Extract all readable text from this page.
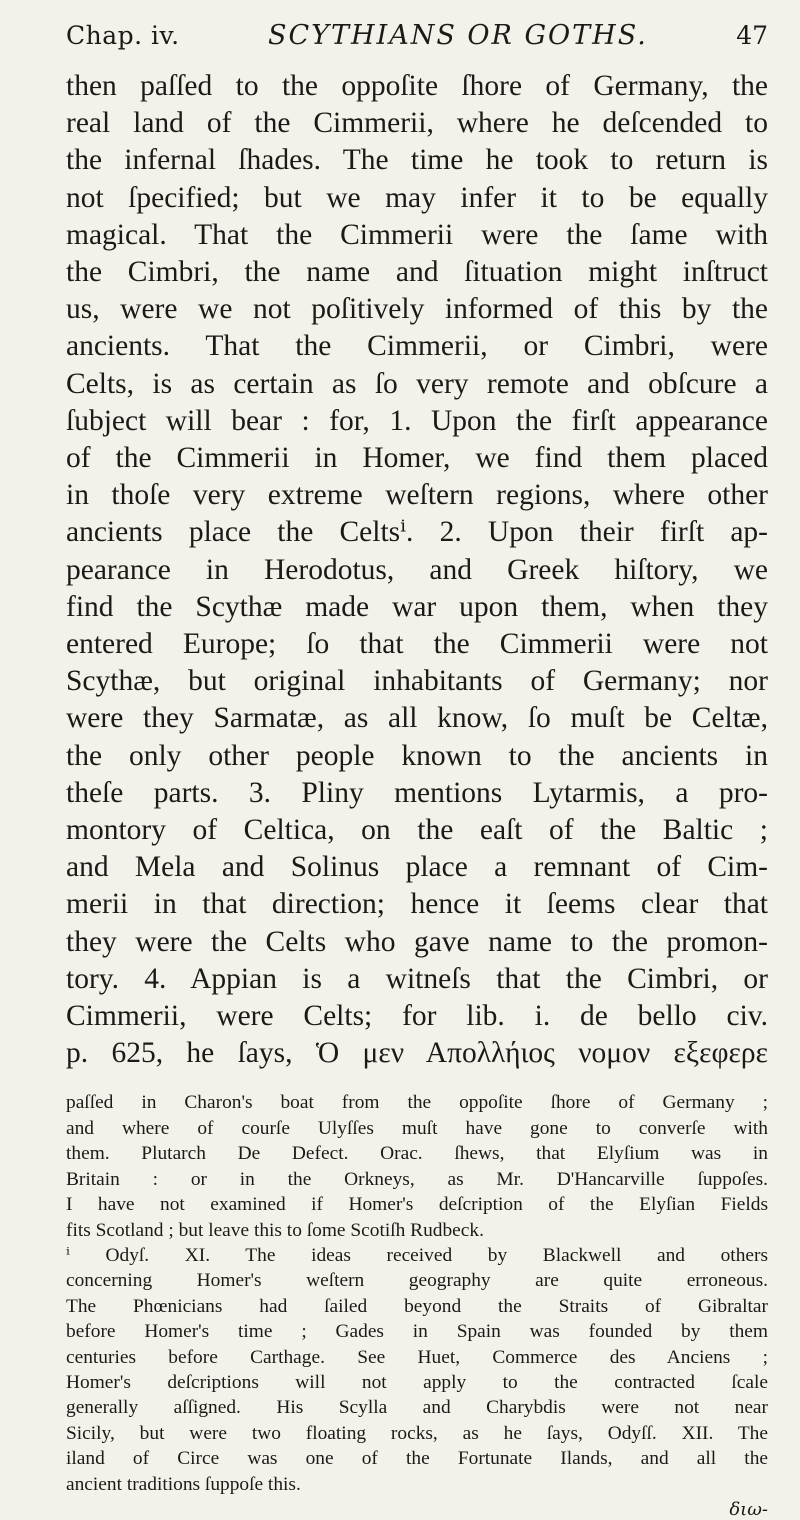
Chap. iv.	SCYTHIANS OR GOTHS.	47
then paſſed to the oppoſite ſhore of Germany, the
real land of the Cimmerii, where he deſcended to
the infernal ſhades. The time he took to return is
not ſpecified; but we may infer it to be equally
magical. That the Cimmerii were the ſame with
the Cimbri, the name and ſituation might inſtruct
us, were we not poſitively informed of this by the
ancients. That the Cimmerii, or Cimbri, were
Celts, is as certain as ſo very remote and obſcure a
ſubject will bear : for, 1. Upon the firſt appearance
of the Cimmerii in Homer, we find them placed
in thoſe very extreme weſtern regions, where other
ancients place the Celtsⁱ. 2. Upon their firſt ap-
pearance in Herodotus, and Greek hiſtory, we
find the Scythæ made war upon them, when they
entered Europe; ſo that the Cimmerii were not
Scythæ, but original inhabitants of Germany; nor
were they Sarmatæ, as all know, ſo muſt be Celtæ,
the only other people known to the ancients in
theſe parts. 3. Pliny mentions Lytarmis, a pro-
montory of Celtica, on the eaſt of the Baltic ;
and Mela and Solinus place a remnant of Cim-
merii in that direction; hence it ſeems clear that
they were the Celts who gave name to the promon-
tory. 4. Appian is a witneſs that the Cimbri, or
Cimmerii, were Celts; for lib. i. de bello civ.
p. 625, he ſays, Ὁ μεν Απολλήιος νομον εξεφερε
paſſed in Charon's boat from the oppoſite ſhore of Germany ;
and where of courſe Ulyſſes muſt have gone to converſe with
them. Plutarch De Defect. Orac. ſhews, that Elyſium was in
Britain : or in the Orkneys, as Mr. D'Hancarville ſuppoſes.
I have not examined if Homer's deſcription of the Elyſian Fields
fits Scotland ; but leave this to ſome Scotiſh Rudbeck.
ⁱ Odyſ. XI. The ideas received by Blackwell and others
concerning Homer's weſtern geography are quite erroneous.
The Phœnicians had ſailed beyond the Straits of Gibraltar
before Homer's time ; Gades in Spain was founded by them
centuries before Carthage. See Huet, Commerce des Anciens ;
Homer's deſcriptions will not apply to the contracted ſcale
generally aſſigned. His Scylla and Charybdis were not near
Sicily, but were two floating rocks, as he ſays, Odyſſ. XII. The
iland of Circe was one of the Fortunate Ilands, and all the
ancient traditions ſuppoſe this.
διω-
